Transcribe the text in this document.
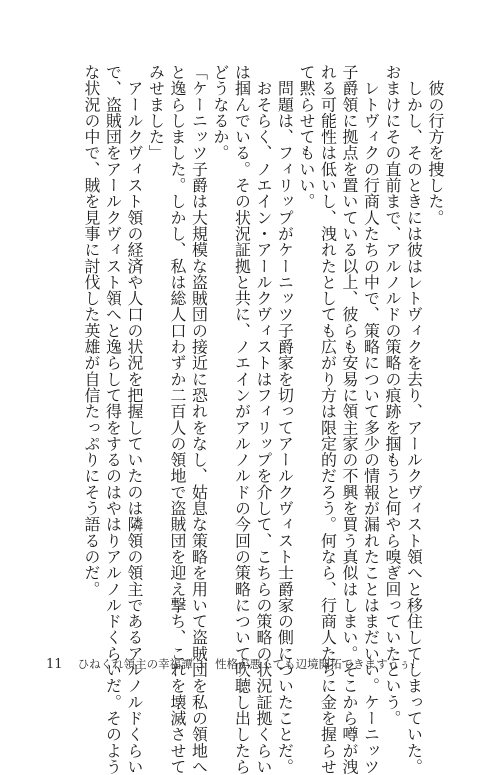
　彼の行方を捜した。

　しかし、そのときには彼はレトヴィクを去り、アールクヴィスト領へと移住してしまっていた。

おまけにその直前まで、アルノルドの策略の痕跡を掴もうと何やら嗅ぎ回っていたという。

　レトヴィクの行商人たちの中で、策略について多少の情報が漏れたことはまだいい。ケーニッツ

子爵領に拠点を置いている以上、彼らも安易に領主家の不興を買う真似はしまい。そこから噂が洩

れる可能性は低いし、洩れたとしても広がり方は限定的だろう。何なら、行商人たちに金を握らせ

て黙らせてもいい。

　問題は、フィリップがケーニッツ子爵家を切ってアールクヴィスト士爵家の側についたことだ。

　おそらく、ノエイン・アールクヴィストはフィリップを介して、こちらの策略の状況証拠くらい

は掴んでいる。その状況証拠と共に、ノエインがアルノルドの今回の策略について吹聴し出したら

どうなるか。

「ケーニッツ子爵は大規模な盗賊団の接近に恐れをなし、姑息な策略を用いて盗賊団を私の領地へ

と逸らしました。しかし、私は総人口わずか二百人の領地で盗賊団を迎え撃ち、これを壊滅させて

みせました」

　アールクヴィスト領の経済や人口の状況を把握していたのは隣領の領主であるアルノルドくらい

で、盗賊団をアールクヴィスト領へと逸らして得をするのはやはりアルノルドくらいだ。そのよう

な状況の中で、賊を見事に討伐した英雄が自信たっぷりにそう語るのだ。

11 ひねくれ領主の幸福譚 3　性格が悪くても辺境開拓できますうぅ！
